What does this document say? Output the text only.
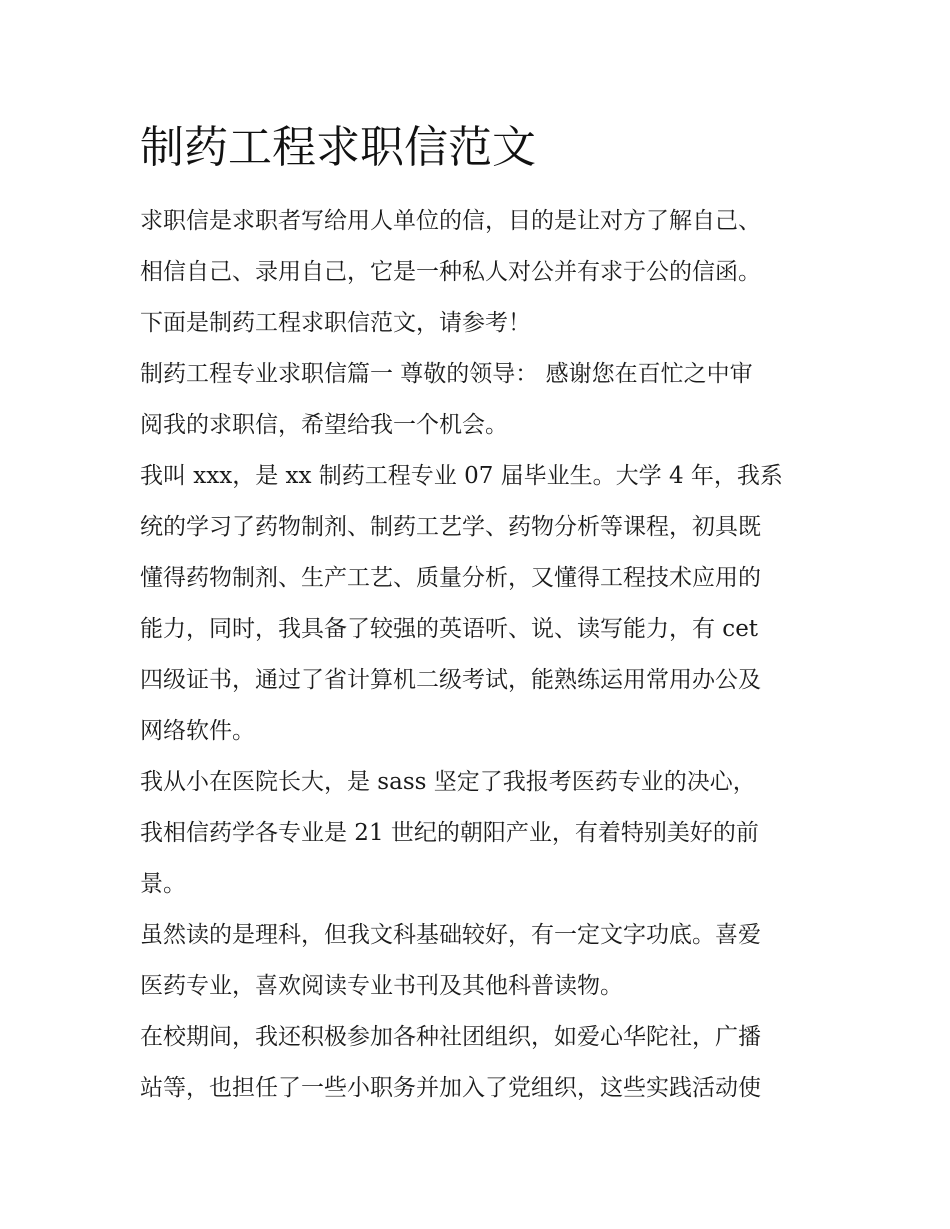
制药工程求职信范文
求职信是求职者写给用人单位的信，目的是让对方了解自己、
相信自己、录用自己，它是一种私人对公并有求于公的信函。
下面是制药工程求职信范文，请参考！
制药工程专业求职信篇一 尊敬的领导： 感谢您在百忙之中审
阅我的求职信，希望给我一个机会。
我叫 xxx，是 xx 制药工程专业 07 届毕业生。大学 4 年，我系
统的学习了药物制剂、制药工艺学、药物分析等课程，初具既
懂得药物制剂、生产工艺、质量分析，又懂得工程技术应用的
能力，同时，我具备了较强的英语听、说、读写能力，有 cet
四级证书，通过了省计算机二级考试，能熟练运用常用办公及
网络软件。
我从小在医院长大，是 sass 坚定了我报考医药专业的决心，
我相信药学各专业是 21 世纪的朝阳产业，有着特别美好的前
景。
虽然读的是理科，但我文科基础较好，有一定文字功底。喜爱
医药专业，喜欢阅读专业书刊及其他科普读物。
在校期间，我还积极参加各种社团组织，如爱心华陀社，广播
站等，也担任了一些小职务并加入了党组织，这些实践活动使
